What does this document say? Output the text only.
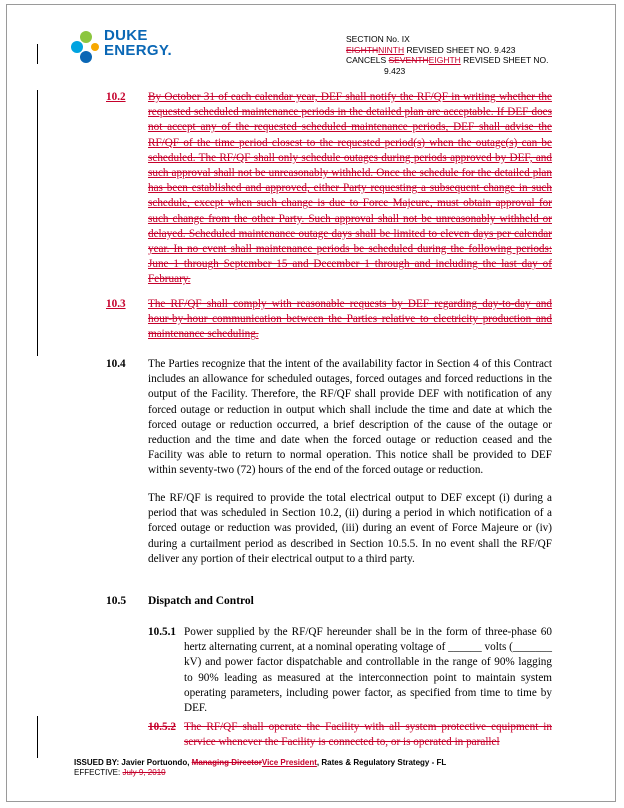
DUKE
ENERGY.
SECTION No. IX
EIGHTHNINTH REVISED SHEET NO. 9.423
CANCELS SEVENTHEIGHTH REVISED SHEET NO.
9.423
10.2 By October 31 of each calendar year, DEF shall notify the RF/QF in writing whether the requested scheduled maintenance periods in the detailed plan are acceptable. If DEF does not accept any of the requested scheduled maintenance periods, DEF shall advise the RF/QF of the time period closest to the requested period(s) when the outage(s) can be scheduled. The RF/QF shall only schedule outages during periods approved by DEF, and such approval shall not be unreasonably withheld. Once the schedule for the detailed plan has been established and approved, either Party requesting a subsequent change in such schedule, except when such change is due to Force Majeure, must obtain approval for such change from the other Party. Such approval shall not be unreasonably withheld or delayed. Scheduled maintenance outage days shall be limited to eleven days per calendar year. In no event shall maintenance periods be scheduled during the following periods: June 1 through September 15 and December 1 through and including the last day of February.
10.3 The RF/QF shall comply with reasonable requests by DEF regarding day-to-day and hour-by-hour communication between the Parties relative to electricity production and maintenance scheduling.
10.4 The Parties recognize that the intent of the availability factor in Section 4 of this Contract includes an allowance for scheduled outages, forced outages and forced reductions in the output of the Facility. Therefore, the RF/QF shall provide DEF with notification of any forced outage or reduction in output which shall include the time and date at which the forced outage or reduction occurred, a brief description of the cause of the outage or reduction and the time and date when the forced outage or reduction ceased and the Facility was able to return to normal operation. This notice shall be provided to DEF within seventy-two (72) hours of the end of the forced outage or reduction.
The RF/QF is required to provide the total electrical output to DEF except (i) during a period that was scheduled in Section 10.2, (ii) during a period in which notification of a forced outage or reduction was provided, (iii) during an event of Force Majeure or (iv) during a curtailment period as described in Section 10.5.5. In no event shall the RF/QF deliver any portion of their electrical output to a third party.
10.5 Dispatch and Control
10.5.1 Power supplied by the RF/QF hereunder shall be in the form of three-phase 60 hertz alternating current, at a nominal operating voltage of ______ volts (_______ kV) and power factor dispatchable and controllable in the range of 90% lagging to 90% leading as measured at the interconnection point to maintain system operating parameters, including power factor, as specified from time to time by DEF.
10.5.2 The RF/QF shall operate the Facility with all system protective equipment in service whenever the Facility is connected to, or is operated in parallel
ISSUED BY: Javier Portuondo, Managing DirectorVice President, Rates & Regulatory Strategy - FL
EFFECTIVE: July 9, 2010
